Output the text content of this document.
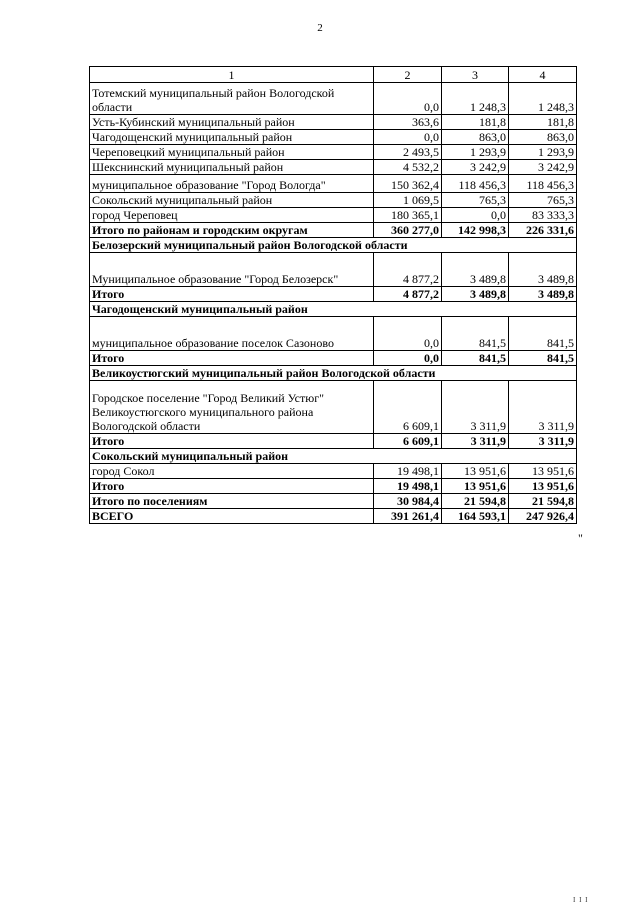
2
1	2	3	4
Тотемский муниципальный район Вологодской области	0,0	1 248,3	1 248,3
Усть-Кубинский муниципальный район	363,6	181,8	181,8
Чагодощенский муниципальный район	0,0	863,0	863,0
Череповецкий муниципальный район	2 493,5	1 293,9	1 293,9
Шекснинский муниципальный район	4 532,2	3 242,9	3 242,9
муниципальное образование "Город Вологда"	150 362,4	118 456,3	118 456,3
Сокольский муниципальный район	1 069,5	765,3	765,3
город Череповец	180 365,1	0,0	83 333,3
Итого по районам и городским округам	360 277,0	142 998,3	226 331,6
Белозерский муниципальный район Вологодской области			
Муниципальное образование "Город Белозерск"	4 877,2	3 489,8	3 489,8
Итого	4 877,2	3 489,8	3 489,8
Чагодощенский муниципальный район			
муниципальное образование поселок Сазоново	0,0	841,5	841,5
Итого	0,0	841,5	841,5
Великоустюгский муниципальный район Вологодской области			
Городское поселение "Город Великий Устюг" Великоустюгского муниципального района Вологодской области	6 609,1	3 311,9	3 311,9
Итого	6 609,1	3 311,9	3 311,9
Сокольский муниципальный район			
город Сокол	19 498,1	13 951,6	13 951,6
Итого	19 498,1	13 951,6	13 951,6
Итого по поселениям	30 984,4	21 594,8	21 594,8
ВСЕГО	391 261,4	164 593,1	247 926,4
"
I I I
